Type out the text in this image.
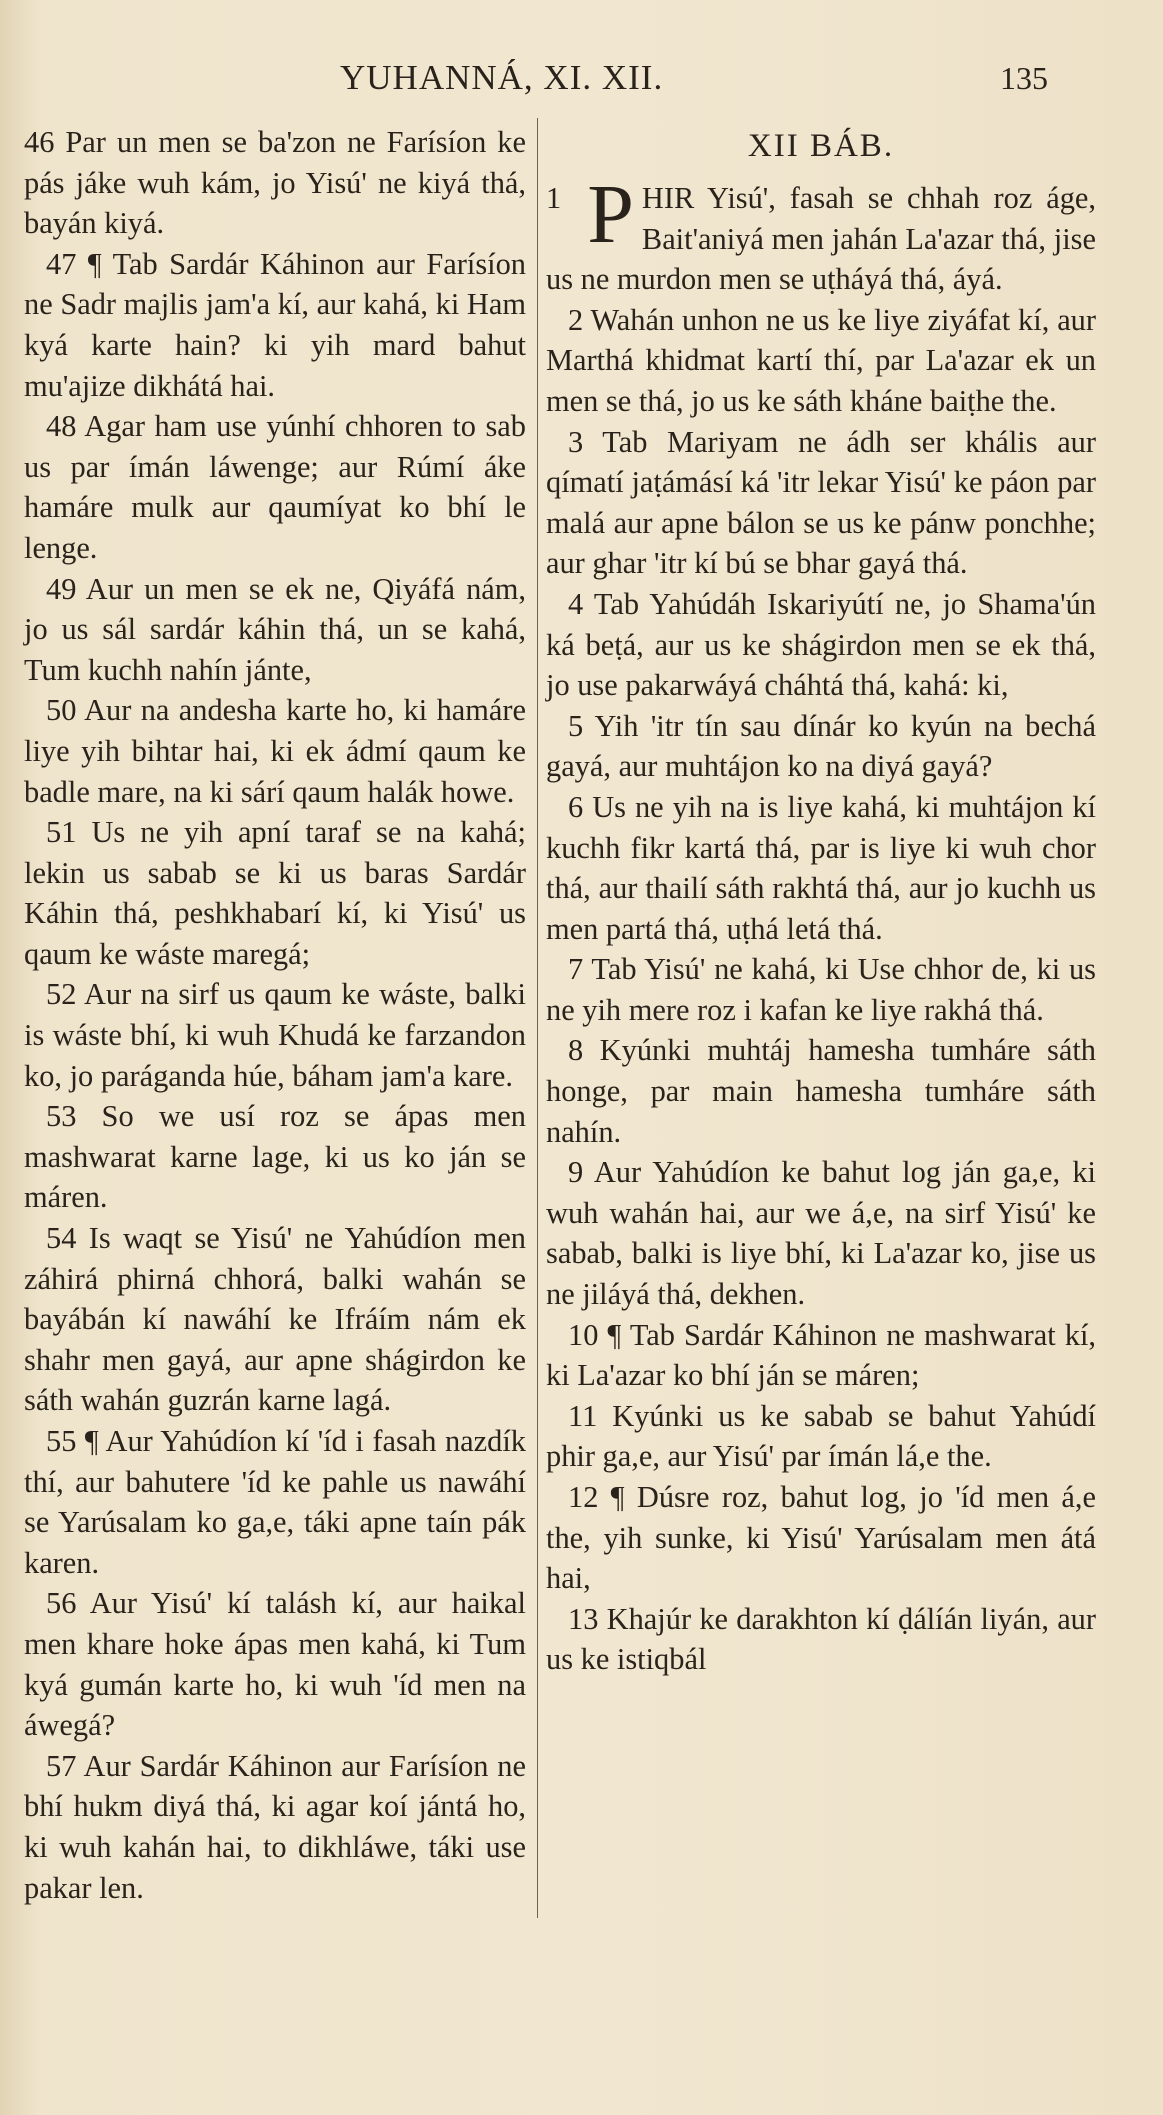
YUHANNÁ, XI. XII.	135

46 Par un men se ba'zon ne Farísíon ke pás jáke wuh kám, jo Yisú' ne kiyá thá, bayán kiyá.

47 ¶ Tab Sardár Káhinon aur Farísíon ne Sadr majlis jam'a kí, aur kahá, ki Ham kyá karte hain? ki yih mard bahut mu'ajize dikhátá hai.

48 Agar ham use yúnhí chhoren to sab us par ímán láwenge; aur Rúmí áke hamáre mulk aur qaumíyat ko bhí le lenge.

49 Aur un men se ek ne, Qiyáfá nám, jo us sál sardár káhin thá, un se kahá, Tum kuchh nahín jánte,

50 Aur na andesha karte ho, ki hamáre liye yih bihtar hai, ki ek ádmí qaum ke badle mare, na ki sárí qaum halák howe.

51 Us ne yih apní taraf se na kahá; lekin us sabab se ki us baras Sardár Káhin thá, peshkhabarí kí, ki Yisú' us qaum ke wáste maregá;

52 Aur na sirf us qaum ke wáste, balki is wáste bhí, ki wuh Khudá ke farzandon ko, jo paráganda húe, báham jam'a kare.

53 So we usí roz se ápas men mashwarat karne lage, ki us ko ján se máren.

54 Is waqt se Yisú' ne Yahúdíon men záhirá phirná chhorá, balki wahán se bayábán kí nawáhí ke Ifráím nám ek shahr men gayá, aur apne shágirdon ke sáth wahán guzrán karne lagá.

55 ¶ Aur Yahúdíon kí 'íd i fasah nazdík thí, aur bahutere 'íd ke pahle us nawáhí se Yarúsalam ko ga,e, táki apne taín pák karen.

56 Aur Yisú' kí talásh kí, aur haikal men khare hoke ápas men kahá, ki Tum kyá gumán karte ho, ki wuh 'íd men na áwegá?

57 Aur Sardár Káhinon aur Farísíon ne bhí hukm diyá thá, ki agar koí jántá ho, ki wuh kahán hai, to dikhláwe, táki use pakar len.

XII BÁB.

1 P HIR Yisú', fasah se chhah roz áge, Bait'aniyá men jahán La'azar thá, jise us ne murdon men se uṭháyá thá, áyá.

2 Wahán unhon ne us ke liye ziyáfat kí, aur Marthá khidmat kartí thí, par La'azar ek un men se thá, jo us ke sáth kháne baiṭhe the.

3 Tab Mariyam ne ádh ser khális aur qímatí jaṭámásí ká 'itr lekar Yisú' ke páon par malá aur apne bálon se us ke pánw ponchhe; aur ghar 'itr kí bú se bhar gayá thá.

4 Tab Yahúdáh Iskariyútí ne, jo Shama'ún ká beṭá, aur us ke shágirdon men se ek thá, jo use pakarwáyá cháhtá thá, kahá: ki,

5 Yih 'itr tín sau dínár ko kyún na bechá gayá, aur muhtájon ko na diyá gayá?

6 Us ne yih na is liye kahá, ki muhtájon kí kuchh fikr kartá thá, par is liye ki wuh chor thá, aur thailí sáth rakhtá thá, aur jo kuchh us men partá thá, uṭhá letá thá.

7 Tab Yisú' ne kahá, ki Use chhor de, ki us ne yih mere roz i kafan ke liye rakhá thá.

8 Kyúnki muhtáj hamesha tumháre sáth honge, par main hamesha tumháre sáth nahín.

9 Aur Yahúdíon ke bahut log ján ga,e, ki wuh wahán hai, aur we á,e, na sirf Yisú' ke sabab, balki is liye bhí, ki La'azar ko, jise us ne jiláyá thá, dekhen.

10 ¶ Tab Sardár Káhinon ne mashwarat kí, ki La'azar ko bhí ján se máren;

11 Kyúnki us ke sabab se bahut Yahúdí phir ga,e, aur Yisú' par ímán lá,e the.

12 ¶ Dúsre roz, bahut log, jo 'íd men á,e the, yih sunke, ki Yisú' Yarúsalam men átá hai,

13 Khajúr ke darakhton kí ḍálíán liyán, aur us ke istiqbál
